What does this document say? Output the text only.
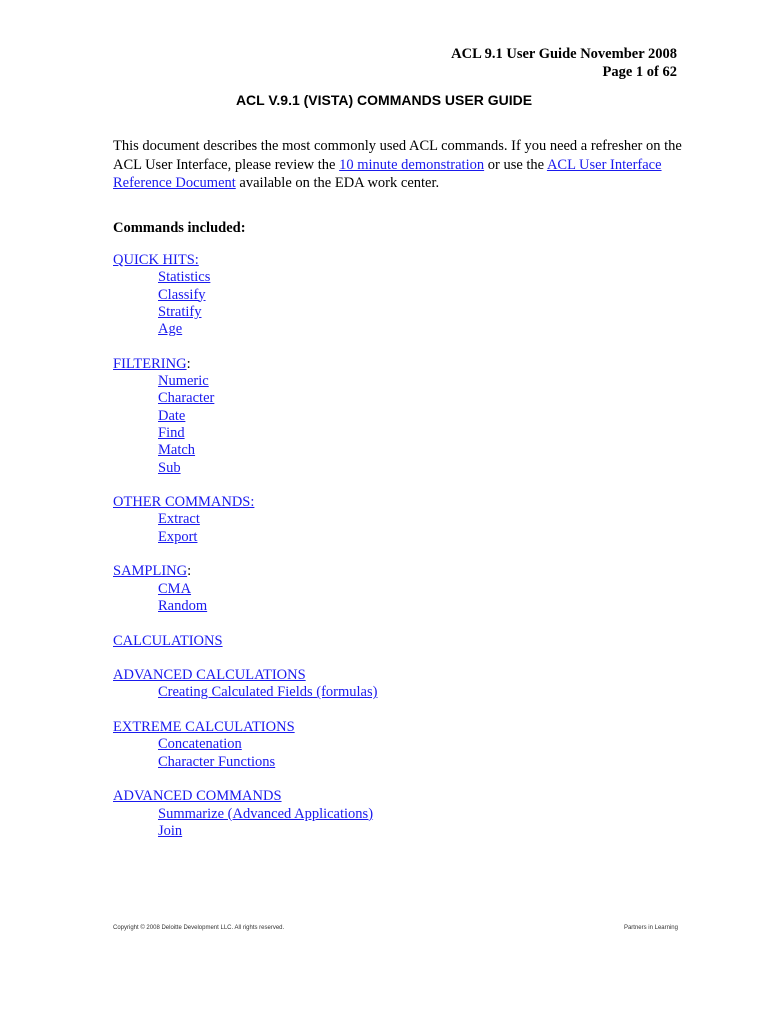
ACL 9.1 User Guide November 2008
Page 1 of 62
ACL V.9.1 (VISTA) COMMANDS USER GUIDE
This document describes the most commonly used ACL commands. If you need a refresher on the ACL User Interface, please review the 10 minute demonstration or use the ACL User Interface Reference Document available on the EDA work center.
Commands included:
QUICK HITS:
Statistics
Classify
Stratify
Age
FILTERING:
Numeric
Character
Date
Find
Match
Sub
OTHER COMMANDS:
Extract
Export
SAMPLING:
CMA
Random
CALCULATIONS
ADVANCED CALCULATIONS
Creating Calculated Fields (formulas)
EXTREME CALCULATIONS
Concatenation
Character Functions
ADVANCED COMMANDS
Summarize (Advanced Applications)
Join
Copyright © 2008 Deloitte Development LLC. All rights reserved.	Partners in Learning
